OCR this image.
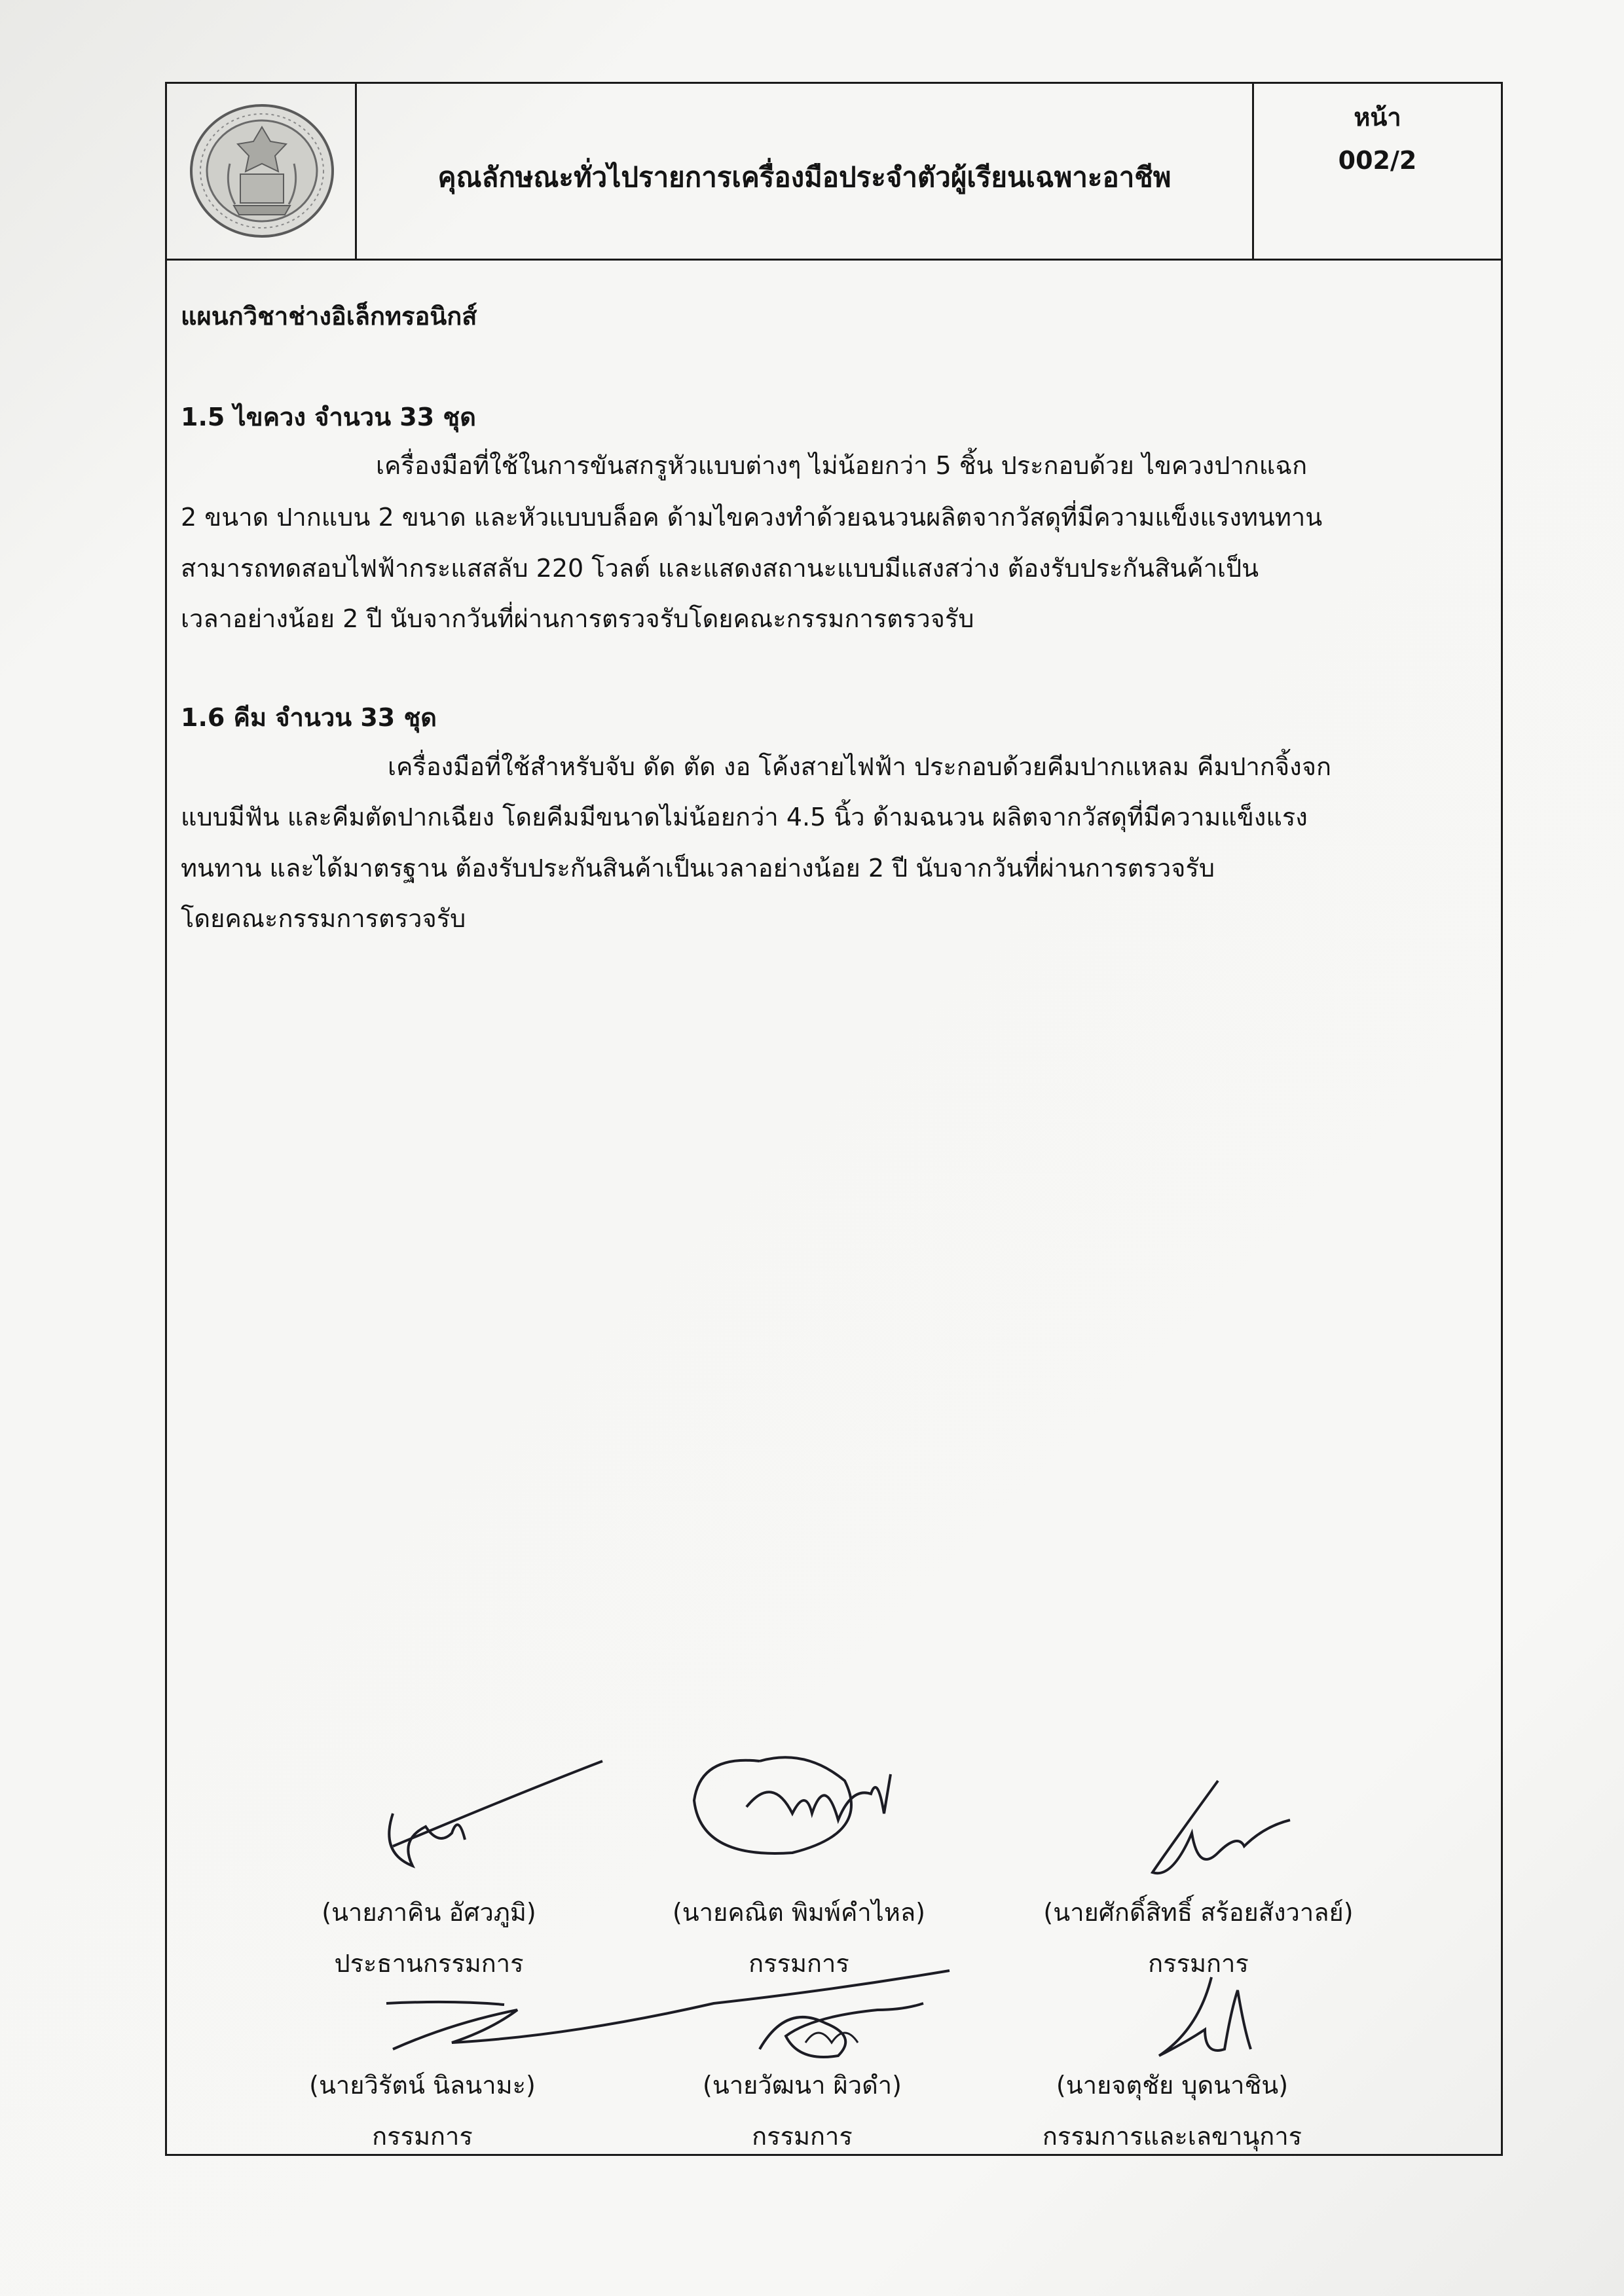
คุณลักษณะทั่วไปรายการเครื่องมือประจำตัวผู้เรียนเฉพาะอาชีพ
หน้า
002/2
แผนกวิชาช่างอิเล็กทรอนิกส์
1.5 ไขควง จำนวน 33 ชุด
เครื่องมือที่ใช้ในการขันสกรูหัวแบบต่างๆ ไม่น้อยกว่า 5 ชิ้น ประกอบด้วย ไขควงปากแฉก
2 ขนาด ปากแบน 2 ขนาด และหัวแบบบล็อค ด้ามไขควงทำด้วยฉนวนผลิตจากวัสดุที่มีความแข็งแรงทนทาน
สามารถทดสอบไฟฟ้ากระแสสลับ 220 โวลต์ และแสดงสถานะแบบมีแสงสว่าง ต้องรับประกันสินค้าเป็น
เวลาอย่างน้อย 2 ปี นับจากวันที่ผ่านการตรวจรับโดยคณะกรรมการตรวจรับ
1.6 คีม จำนวน 33 ชุด
เครื่องมือที่ใช้สำหรับจับ ดัด ตัด งอ โค้งสายไฟฟ้า ประกอบด้วยคีมปากแหลม คีมปากจิ้งจก
แบบมีฟัน และคีมตัดปากเฉียง โดยคีมมีขนาดไม่น้อยกว่า 4.5 นิ้ว ด้ามฉนวน ผลิตจากวัสดุที่มีความแข็งแรง
ทนทาน และได้มาตรฐาน ต้องรับประกันสินค้าเป็นเวลาอย่างน้อย 2 ปี นับจากวันที่ผ่านการตรวจรับ
โดยคณะกรรมการตรวจรับ
(นายภาคิน อัศวภูมิ)
ประธานกรรมการ
(นายคณิต พิมพ์คำไหล)
กรรมการ
(นายศักดิ์สิทธิ์ สร้อยสังวาลย์)
กรรมการ
(นายวิรัตน์ นิลนามะ)
กรรมการ
(นายวัฒนา ผิวดำ)
กรรมการ
(นายจตุชัย บุดนาชิน)
กรรมการและเลขานุการ
